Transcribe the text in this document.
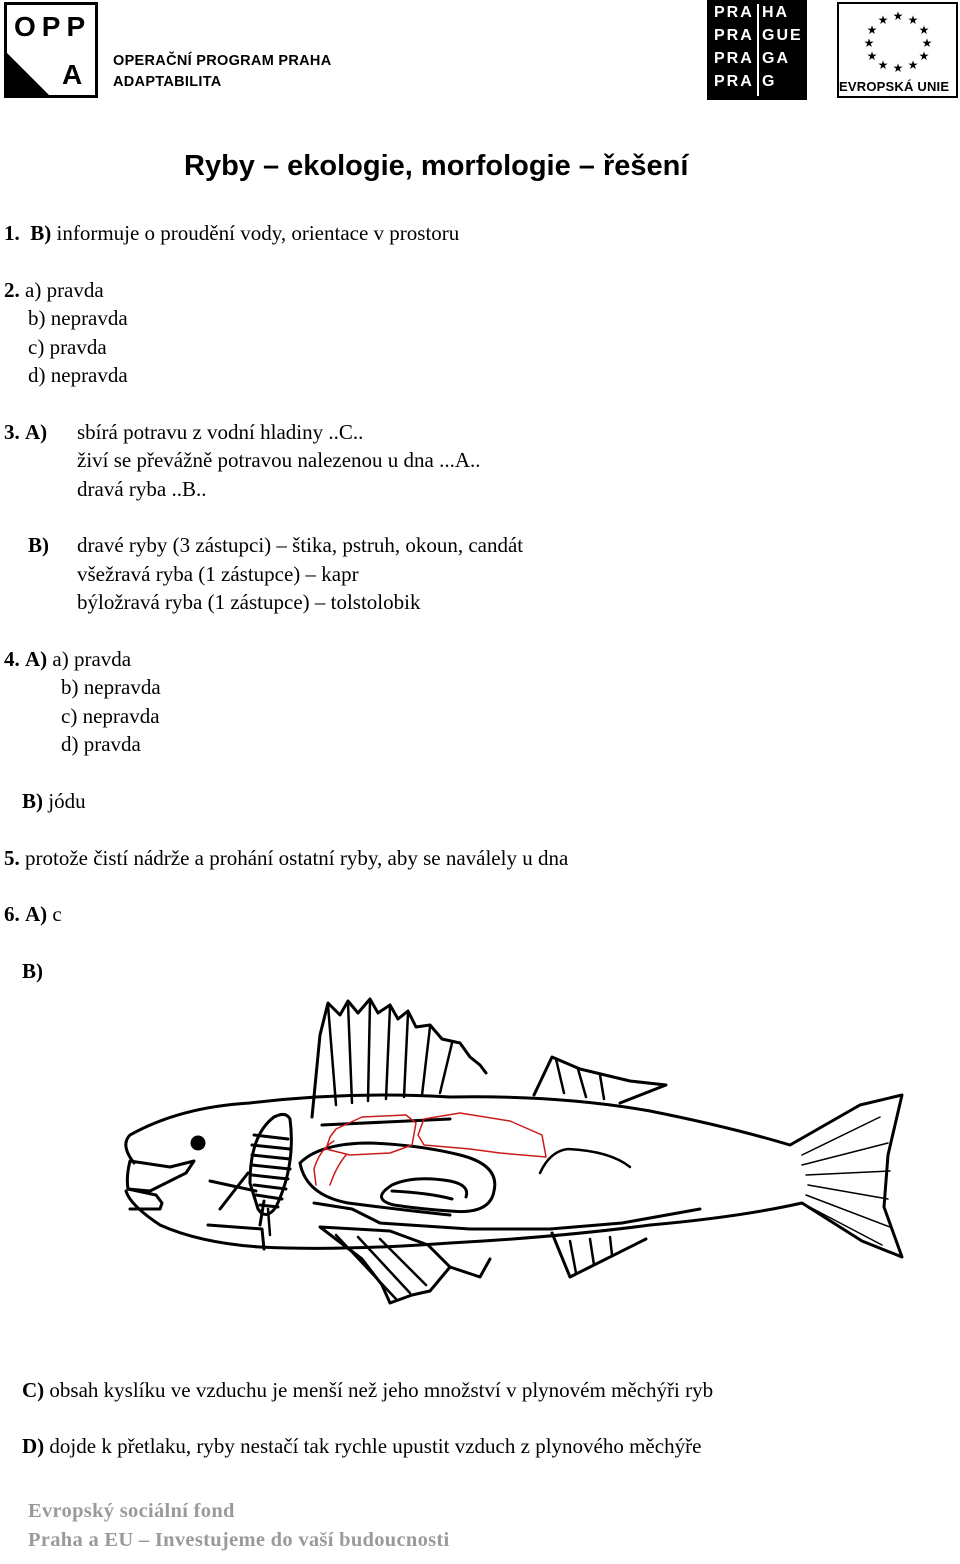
OPP
A OPERAČNÍ PROGRAM PRAHA
ADAPTABILITA
PRA HA
PRA GUE
PRA GA
PRA G
★ ★
★
★
★
★
★
★
★
★
★
★
EVROPSKÁ UNIE
Ryby – ekologie, morfologie – řešení
1. B) informuje o proudění vody, orientace v prostoru
2. a) pravda
b) nepravda
c) pravda
d) nepravda
3. A) sbírá potravu z vodní hladiny ..C..
živí se převážně potravou nalezenou u dna ...A..
dravá ryba ..B..
B) dravé ryby (3 zástupci) – štika, pstruh, okoun, candát
všežravá ryba (1 zástupce) – kapr
býložravá ryba (1 zástupce) – tolstolobik
4. A) a) pravda
b) nepravda
c) nepravda
d) pravda
B) jódu
5. protože čistí nádrže a prohání ostatní ryby, aby se naválely u dna
6. A) c
B)
C) obsah kyslíku ve vzduchu je menší než jeho množství v plynovém měchýři ryb
D) dojde k přetlaku, ryby nestačí tak rychle upustit vzduch z plynového měchýře
Evropský sociální fond
Praha a EU – Investujeme do vaší budoucnosti
